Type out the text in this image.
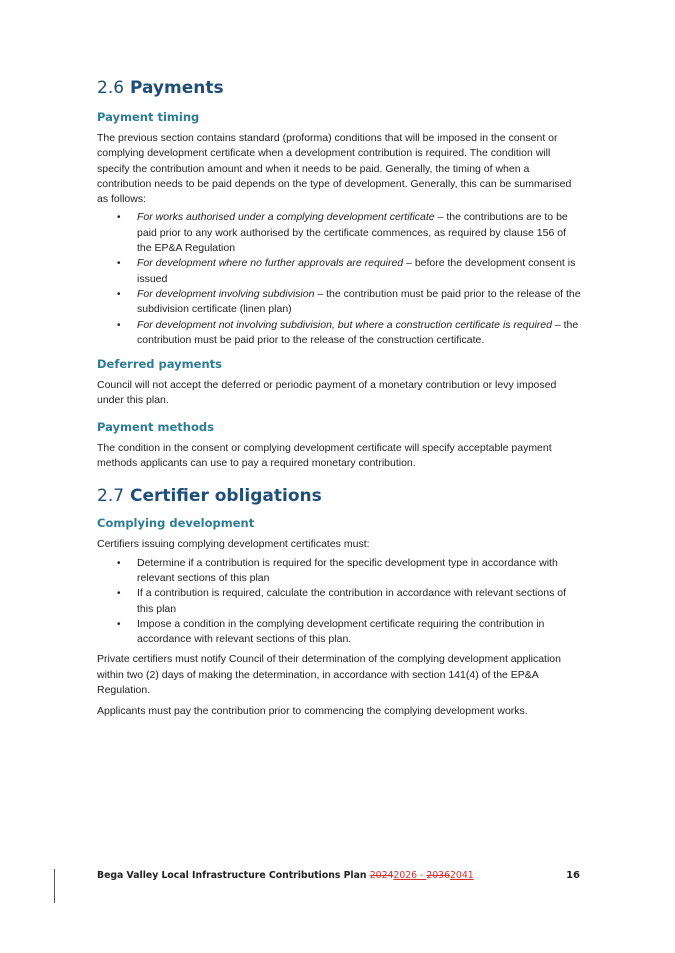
2.6 Payments
Payment timing

The previous section contains standard (proforma) conditions that will be imposed in the consent or complying development certificate when a development contribution is required. The condition will specify the contribution amount and when it needs to be paid. Generally, the timing of when a contribution needs to be paid depends on the type of development. Generally, this can be summarised as follows:

• For works authorised under a complying development certificate – the contributions are to be paid prior to any work authorised by the certificate commences, as required by clause 156 of the EP&A Regulation
• For development where no further approvals are required – before the development consent is issued
• For development involving subdivision – the contribution must be paid prior to the release of the subdivision certificate (linen plan)
• For development not involving subdivision, but where a construction certificate is required – the contribution must be paid prior to the release of the construction certificate.
Deferred payments

Council will not accept the deferred or periodic payment of a monetary contribution or levy imposed under this plan.

Payment methods

The condition in the consent or complying development certificate will specify acceptable payment methods applicants can use to pay a required monetary contribution.

2.7 Certifier obligations
Complying development

Certifiers issuing complying development certificates must:

• Determine if a contribution is required for the specific development type in accordance with relevant sections of this plan
• If a contribution is required, calculate the contribution in accordance with relevant sections of this plan
• Impose a condition in the complying development certificate requiring the contribution in accordance with relevant sections of this plan.

Private certifiers must notify Council of their determination of the complying development application within two (2) days of making the determination, in accordance with section 141(4) of the EP&A Regulation.

Applicants must pay the contribution prior to commencing the complying development works.

Bega Valley Local Infrastructure Contributions Plan 20242026 - 20362041	16
